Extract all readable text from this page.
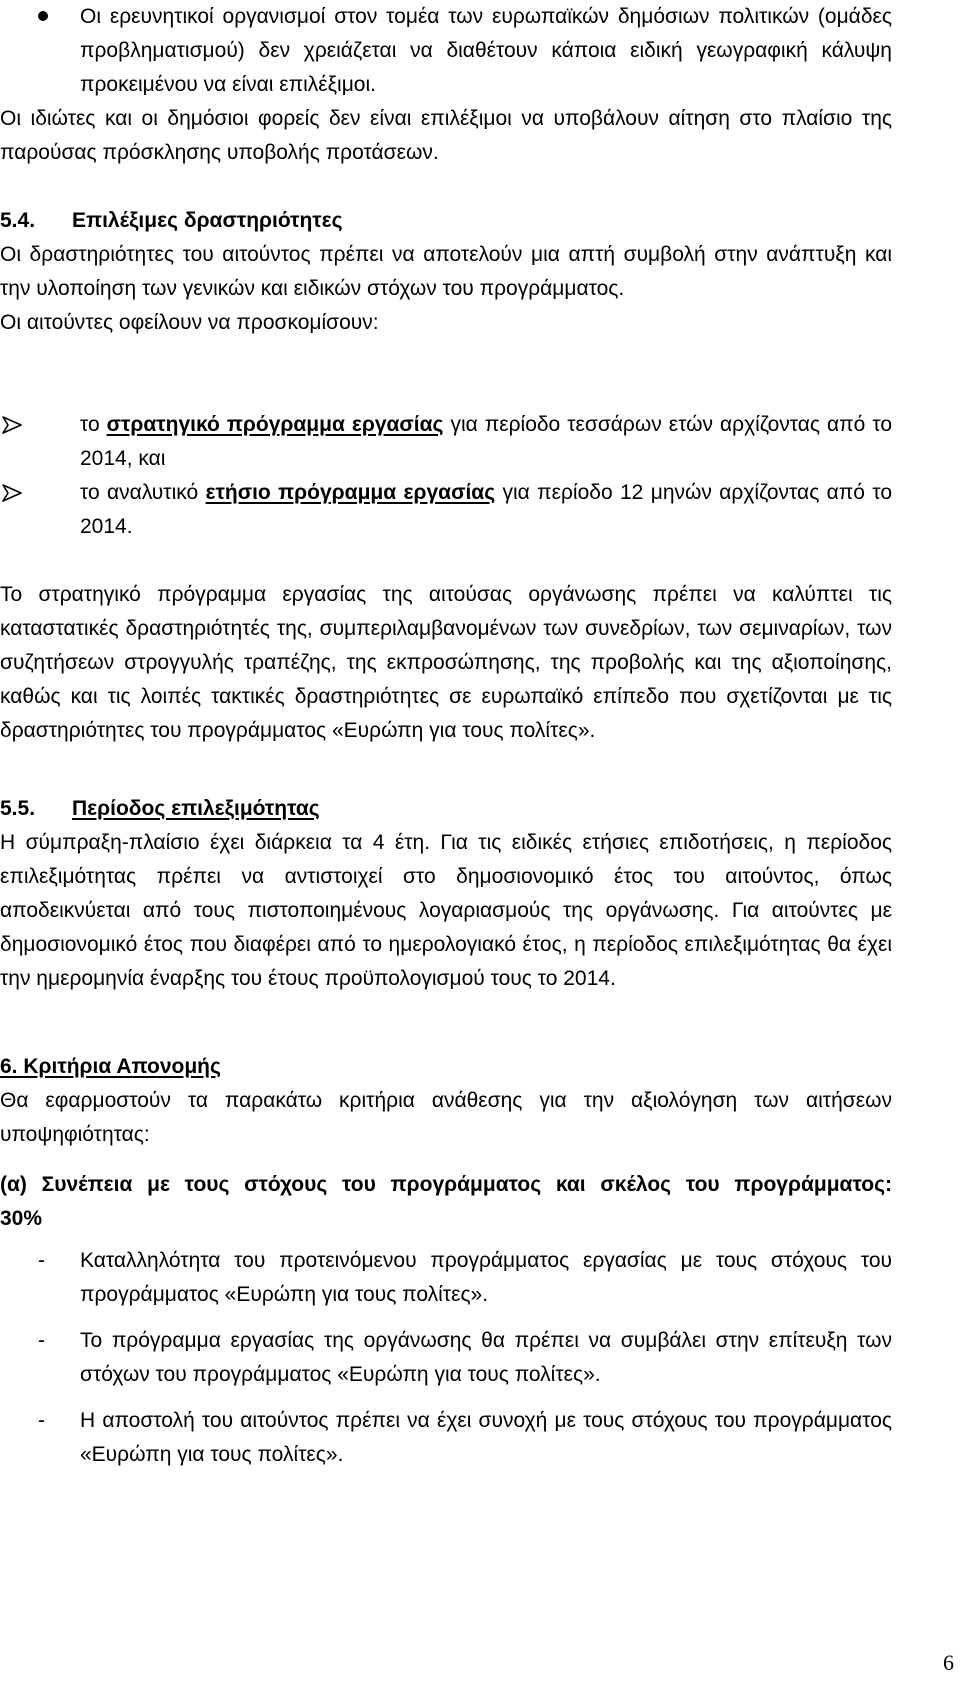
Οι ερευνητικοί οργανισμοί στον τομέα των ευρωπαϊκών δημόσιων πολιτικών (ομάδες προβληματισμού) δεν χρειάζεται να διαθέτουν κάποια ειδική γεωγραφική κάλυψη προκειμένου να είναι επιλέξιμοι.

Οι ιδιώτες και οι δημόσιοι φορείς δεν είναι επιλέξιμοι να υποβάλουν αίτηση στο πλαίσιο της παρούσας πρόσκλησης υποβολής προτάσεων.

5.4. Επιλέξιμες δραστηριότητες

Οι δραστηριότητες του αιτούντος πρέπει να αποτελούν μια απτή συμβολή στην ανάπτυξη και την υλοποίηση των γενικών και ειδικών στόχων του προγράμματος.

Οι αιτούντες οφείλουν να προσκομίσουν:

το στρατηγικό πρόγραμμα εργασίας για περίοδο τεσσάρων ετών αρχίζοντας από το 2014, και
το αναλυτικό ετήσιο πρόγραμμα εργασίας για περίοδο 12 μηνών αρχίζοντας από το 2014.

Το στρατηγικό πρόγραμμα εργασίας της αιτούσας οργάνωσης πρέπει να καλύπτει τις καταστατικές δραστηριότητές της, συμπεριλαμβανομένων των συνεδρίων, των σεμιναρίων, των συζητήσεων στρογγυλής τραπέζης, της εκπροσώπησης, της προβολής και της αξιοποίησης, καθώς και τις λοιπές τακτικές δραστηριότητες σε ευρωπαϊκό επίπεδο που σχετίζονται με τις δραστηριότητες του προγράμματος «Ευρώπη για τους πολίτες».

5.5. Περίοδος επιλεξιμότητας

Η σύμπραξη-πλαίσιο έχει διάρκεια τα 4 έτη. Για τις ειδικές ετήσιες επιδοτήσεις, η περίοδος επιλεξιμότητας πρέπει να αντιστοιχεί στο δημοσιονομικό έτος του αιτούντος, όπως αποδεικνύεται από τους πιστοποιημένους λογαριασμούς της οργάνωσης. Για αιτούντες με δημοσιονομικό έτος που διαφέρει από το ημερολογιακό έτος, η περίοδος επιλεξιμότητας θα έχει την ημερομηνία έναρξης του έτους προϋπολογισμού τους το 2014.

6. Κριτήρια Απονομής

Θα εφαρμοστούν τα παρακάτω κριτήρια ανάθεσης για την αξιολόγηση των αιτήσεων υποψηφιότητας:

(α) Συνέπεια με τους στόχους του προγράμματος και σκέλος του προγράμματος: 30%

-	Καταλληλότητα του προτεινόμενου προγράμματος εργασίας με τους στόχους του προγράμματος «Ευρώπη για τους πολίτες».
-	Το πρόγραμμα εργασίας της οργάνωσης θα πρέπει να συμβάλει στην επίτευξη των στόχων του προγράμματος «Ευρώπη για τους πολίτες».
-	Η αποστολή του αιτούντος πρέπει να έχει συνοχή με τους στόχους του προγράμματος «Ευρώπη για τους πολίτες».
6
